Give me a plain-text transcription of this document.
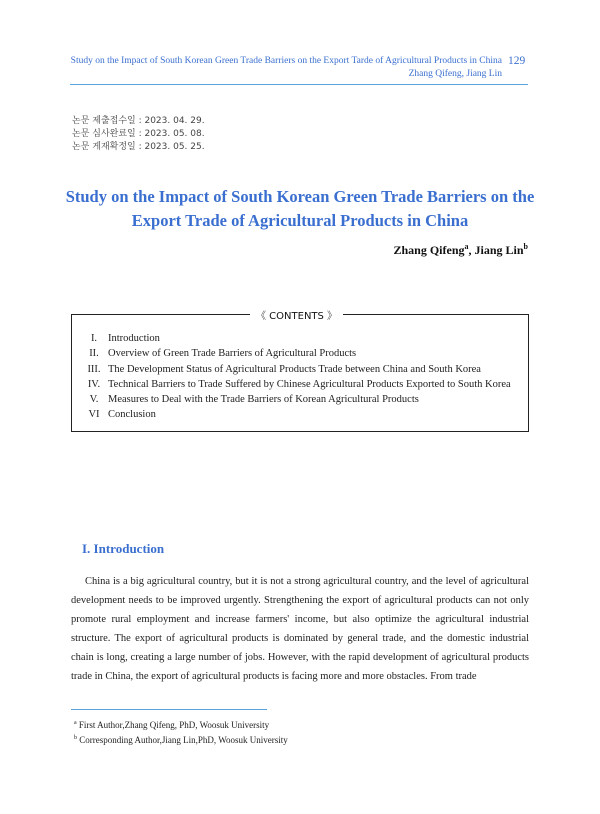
Study on the Impact of South Korean Green Trade Barriers on the Export Tarde of Agricultural Products in China
Zhang Qifeng, Jiang Lin
129
논문 제출접수일 : 2023. 04. 29.
논문 심사완료일 : 2023. 05. 08.
논문 게재확정일 : 2023. 05. 25.
Study on the Impact of South Korean Green Trade Barriers on the
Export Trade of Agricultural Products in China
Zhang Qifeng$^a$, Jiang Lin$^b$
《 CONTENTS 》
I.	Introduction
II. Overview of Green Trade Barriers of Agricultural Products
III. The Development Status of Agricultural Products Trade between China and South Korea
IV. Technical Barriers to Trade Suffered by Chinese Agricultural Products Exported to South Korea
V. Measures to Deal with the Trade Barriers of Korean Agricultural Products
VI Conclusion
I. Introduction

China is a big agricultural country, but it is not a strong agricultural country, and the level of agricultural development needs to be improved urgently. Strengthening the export of agricultural products can not only promote rural employment and increase farmers' income, but also optimize the agricultural industrial structure. The export of agricultural products is dominated by general trade, and the domestic industrial chain is long, creating a large number of jobs. However, with the rapid development of agricultural products trade in China, the export of agricultural products is facing more and more obstacles. From trade

$^a$ First Author,Zhang Qifeng, PhD, Woosuk University
$^b$ Corresponding Author,Jiang Lin,PhD, Woosuk University
